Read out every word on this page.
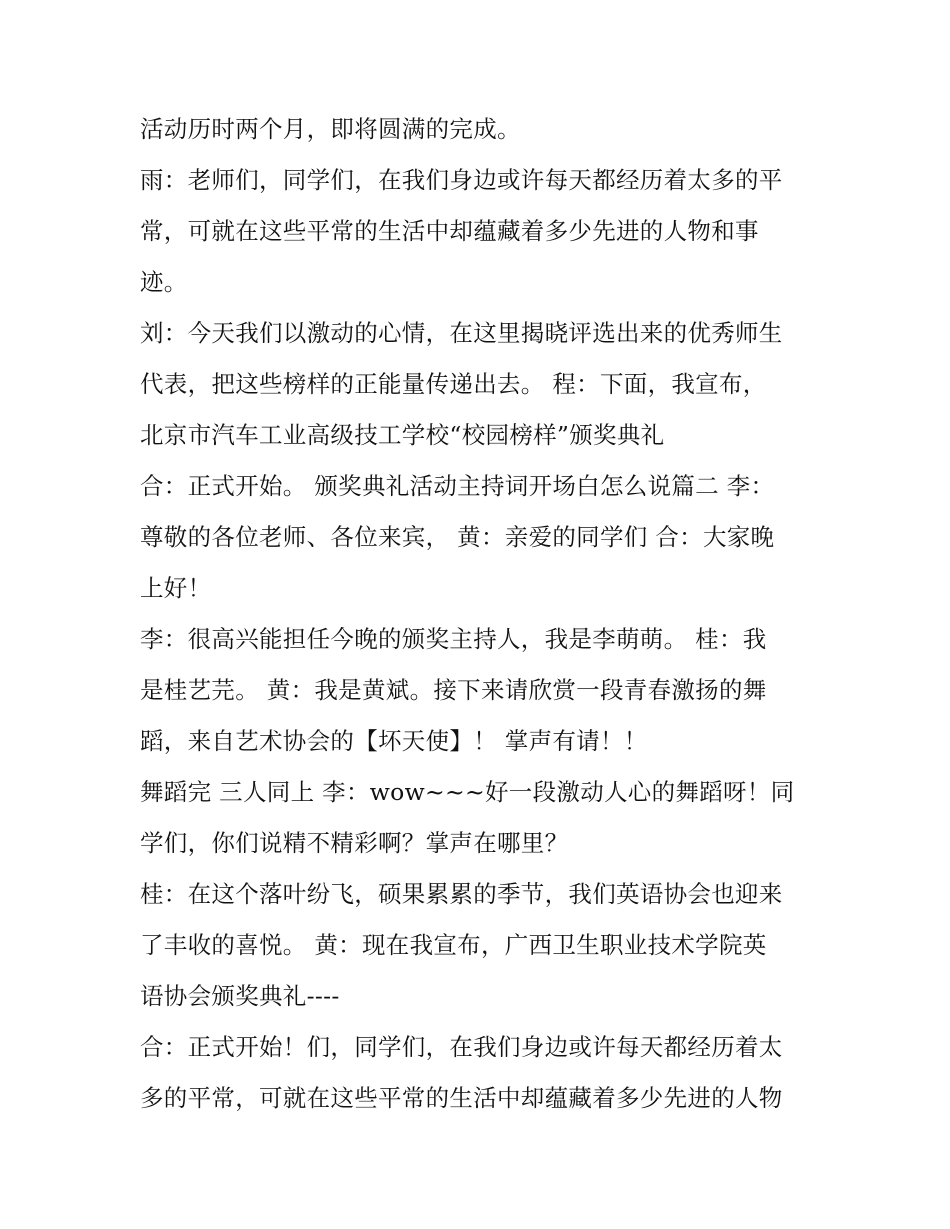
活动历时两个月，即将圆满的完成。
雨：老师们，同学们，在我们身边或许每天都经历着太多的平
常，可就在这些平常的生活中却蕴藏着多少先进的人物和事
迹。
刘：今天我们以激动的心情，在这里揭晓评选出来的优秀师生
代表，把这些榜样的正能量传递出去。 程：下面，我宣布，
北京市汽车工业高级技工学校“校园榜样”颁奖典礼
合：正式开始。 颁奖典礼活动主持词开场白怎么说篇二 李：
尊敬的各位老师、各位来宾， 黄：亲爱的同学们 合：大家晚
上好！
李：很高兴能担任今晚的颁奖主持人，我是李萌萌。 桂：我
是桂艺芫。 黄：我是黄斌。接下来请欣赏一段青春激扬的舞
蹈，来自艺术协会的【坏天使】！ 掌声有请！！
舞蹈完 三人同上 李：wow~~~好一段激动人心的舞蹈呀！同
学们，你们说精不精彩啊？掌声在哪里？
桂：在这个落叶纷飞，硕果累累的季节，我们英语协会也迎来
了丰收的喜悦。 黄：现在我宣布，广西卫生职业技术学院英
语协会颁奖典礼----
合：正式开始！们，同学们，在我们身边或许每天都经历着太
多的平常，可就在这些平常的生活中却蕴藏着多少先进的人物
